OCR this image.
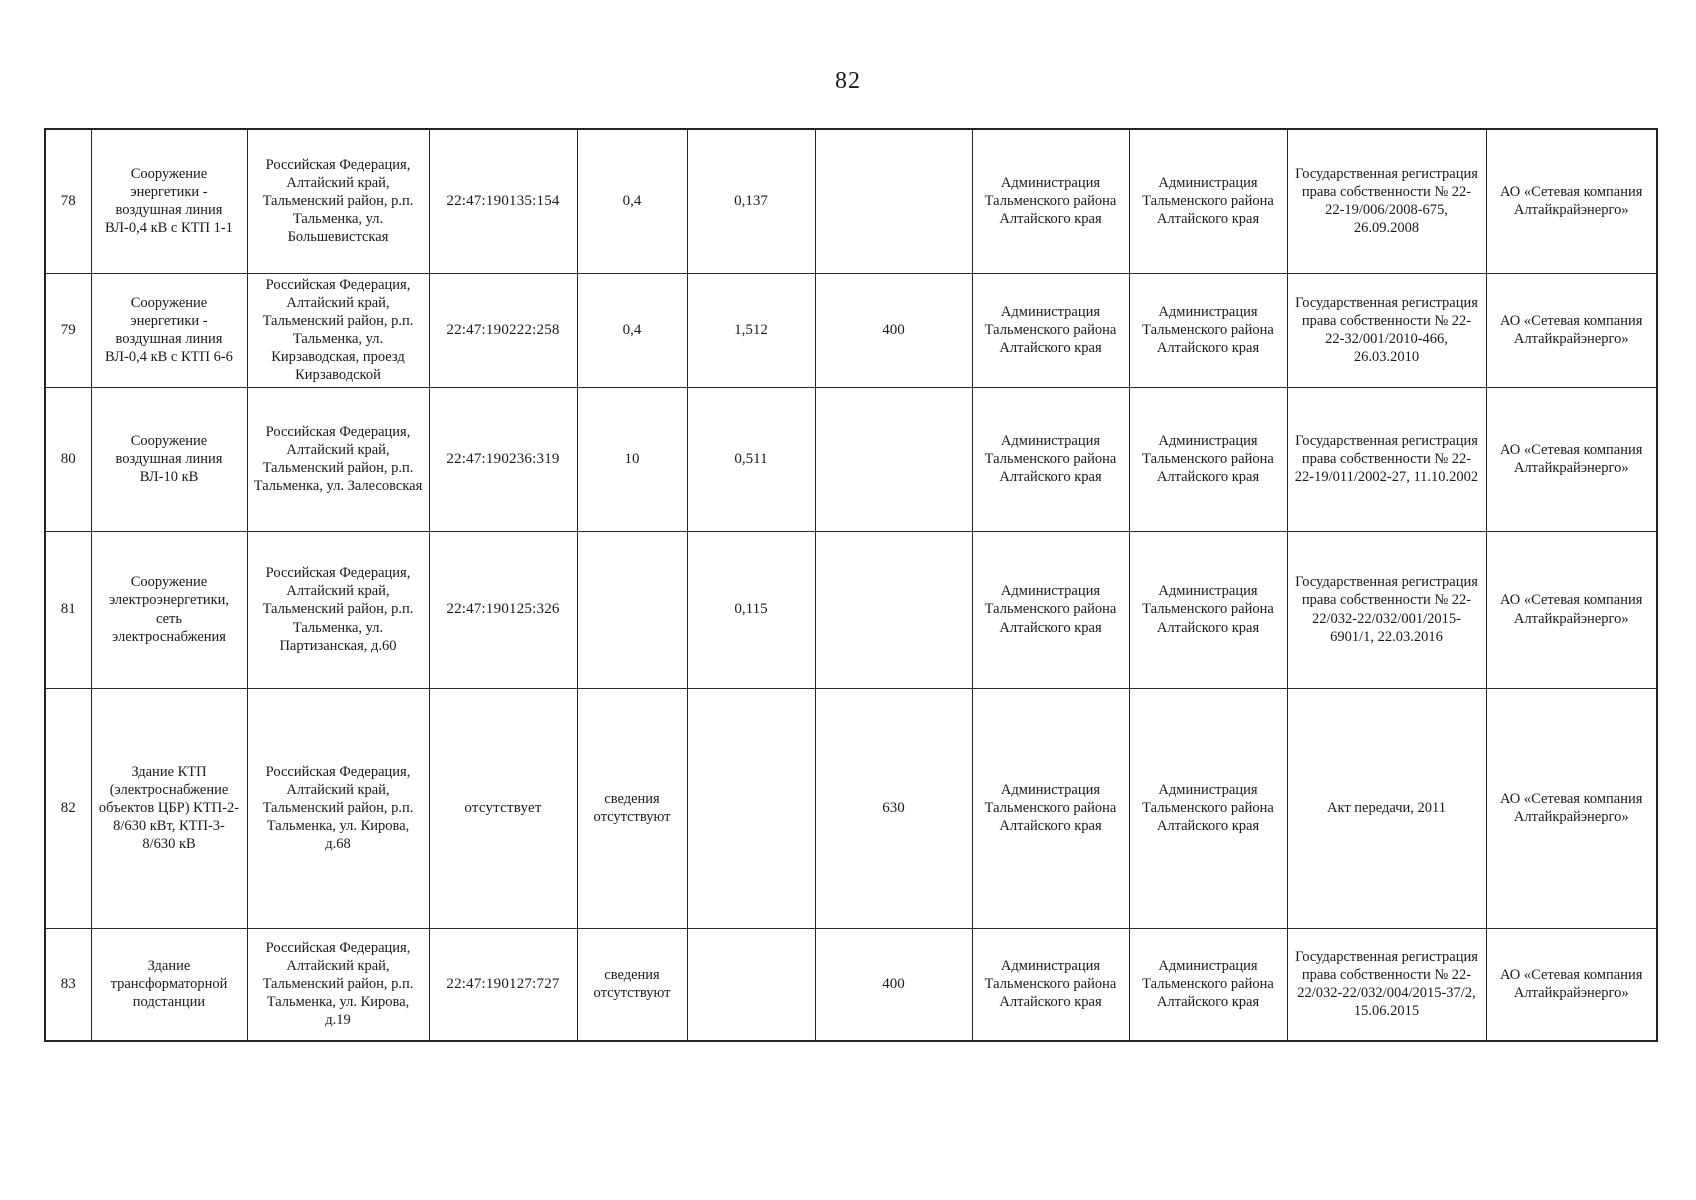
82
78	Сооружение энергетики - воздушная линия ВЛ-0,4 кВ с КТП 1-1	Российская Федерация, Алтайский край, Тальменский район, р.п. Тальменка, ул. Большевистская	22:47:190135:154	0,4	0,137		Администрация Тальменского района Алтайского края	Администрация Тальменского района Алтайского края	Государственная регистрация права собственности № 22-22-19/006/2008-675, 26.09.2008	АО «Сетевая компания Алтайкрайэнерго»
79	Сооружение энергетики - воздушная линия ВЛ-0,4 кВ с КТП 6-6	Российская Федерация, Алтайский край, Тальменский район, р.п. Тальменка, ул. Кирзаводская, проезд Кирзаводской	22:47:190222:258	0,4	1,512	400	Администрация Тальменского района Алтайского края	Администрация Тальменского района Алтайского края	Государственная регистрация права собственности № 22-22-32/001/2010-466, 26.03.2010	АО «Сетевая компания Алтайкрайэнерго»
80	Сооружение воздушная линия ВЛ-10 кВ	Российская Федерация, Алтайский край, Тальменский район, р.п. Тальменка, ул. Залесовская	22:47:190236:319	10	0,511		Администрация Тальменского района Алтайского края	Администрация Тальменского района Алтайского края	Государственная регистрация права собственности № 22-22-19/011/2002-27, 11.10.2002	АО «Сетевая компания Алтайкрайэнерго»
81	Сооружение электроэнергетики, сеть электроснабжения	Российская Федерация, Алтайский край, Тальменский район, р.п. Тальменка, ул. Партизанская, д.60	22:47:190125:326		0,115		Администрация Тальменского района Алтайского края	Администрация Тальменского района Алтайского края	Государственная регистрация права собственности № 22-22/032-22/032/001/2015-6901/1, 22.03.2016	АО «Сетевая компания Алтайкрайэнерго»
82	Здание КТП (электроснабжение объектов ЦБР) КТП-2-8/630 кВт, КТП-3-8/630 кВ	Российская Федерация, Алтайский край, Тальменский район, р.п. Тальменка, ул. Кирова, д.68	отсутствует	сведения отсутствуют		630	Администрация Тальменского района Алтайского края	Администрация Тальменского района Алтайского края	Акт передачи, 2011	АО «Сетевая компания Алтайкрайэнерго»
83	Здание трансформаторной подстанции	Российская Федерация, Алтайский край, Тальменский район, р.п. Тальменка, ул. Кирова, д.19	22:47:190127:727	сведения отсутствуют		400	Администрация Тальменского района Алтайского края	Администрация Тальменского района Алтайского края	Государственная регистрация права собственности № 22-22/032-22/032/004/2015-37/2, 15.06.2015	АО «Сетевая компания Алтайкрайэнерго»
